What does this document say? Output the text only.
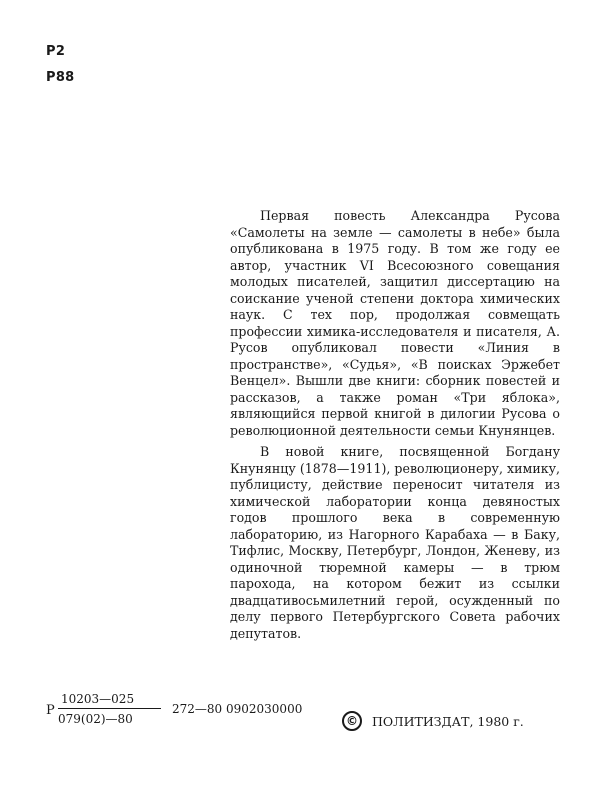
Р2
Р88

Первая повесть Александра Русова «Самолеты на земле — самолеты в небе» была опубликована в 1975 году. В том же году ее автор, участник VI Всесоюзного совещания молодых писателей, защитил диссертацию на соискание ученой степени доктора химических наук. С тех пор, продолжая совмещать профессии химика-исследователя и писателя, А. Русов опубликовал повести «Линия в пространстве», «Судья», «В поисках Эржебет Венцел». Вышли две книги: сборник повестей и рассказов, а также роман «Три яблока», являющийся первой книгой в дилогии Русова о революционной деятельности семьи Кнунянцев.

В новой книге, посвященной Богдану Кнунянцу (1878—1911), революционеру, химику, публицисту, действие переносит читателя из химической лаборатории конца девяностых годов прошлого века в современную лабораторию, из Нагорного Карабаха — в Баку, Тифлис, Москву, Петербург, Лондон, Женеву, из одиночной тюремной камеры — в трюм парохода, на котором бежит из ссылки двадцативосьмилетний герой, осужденный по делу первого Петербургского Совета рабочих депутатов.

Р
10203—025
079(02)—80
272—80 0902030000
©	ПОЛИТИЗДАТ, 1980 г.
